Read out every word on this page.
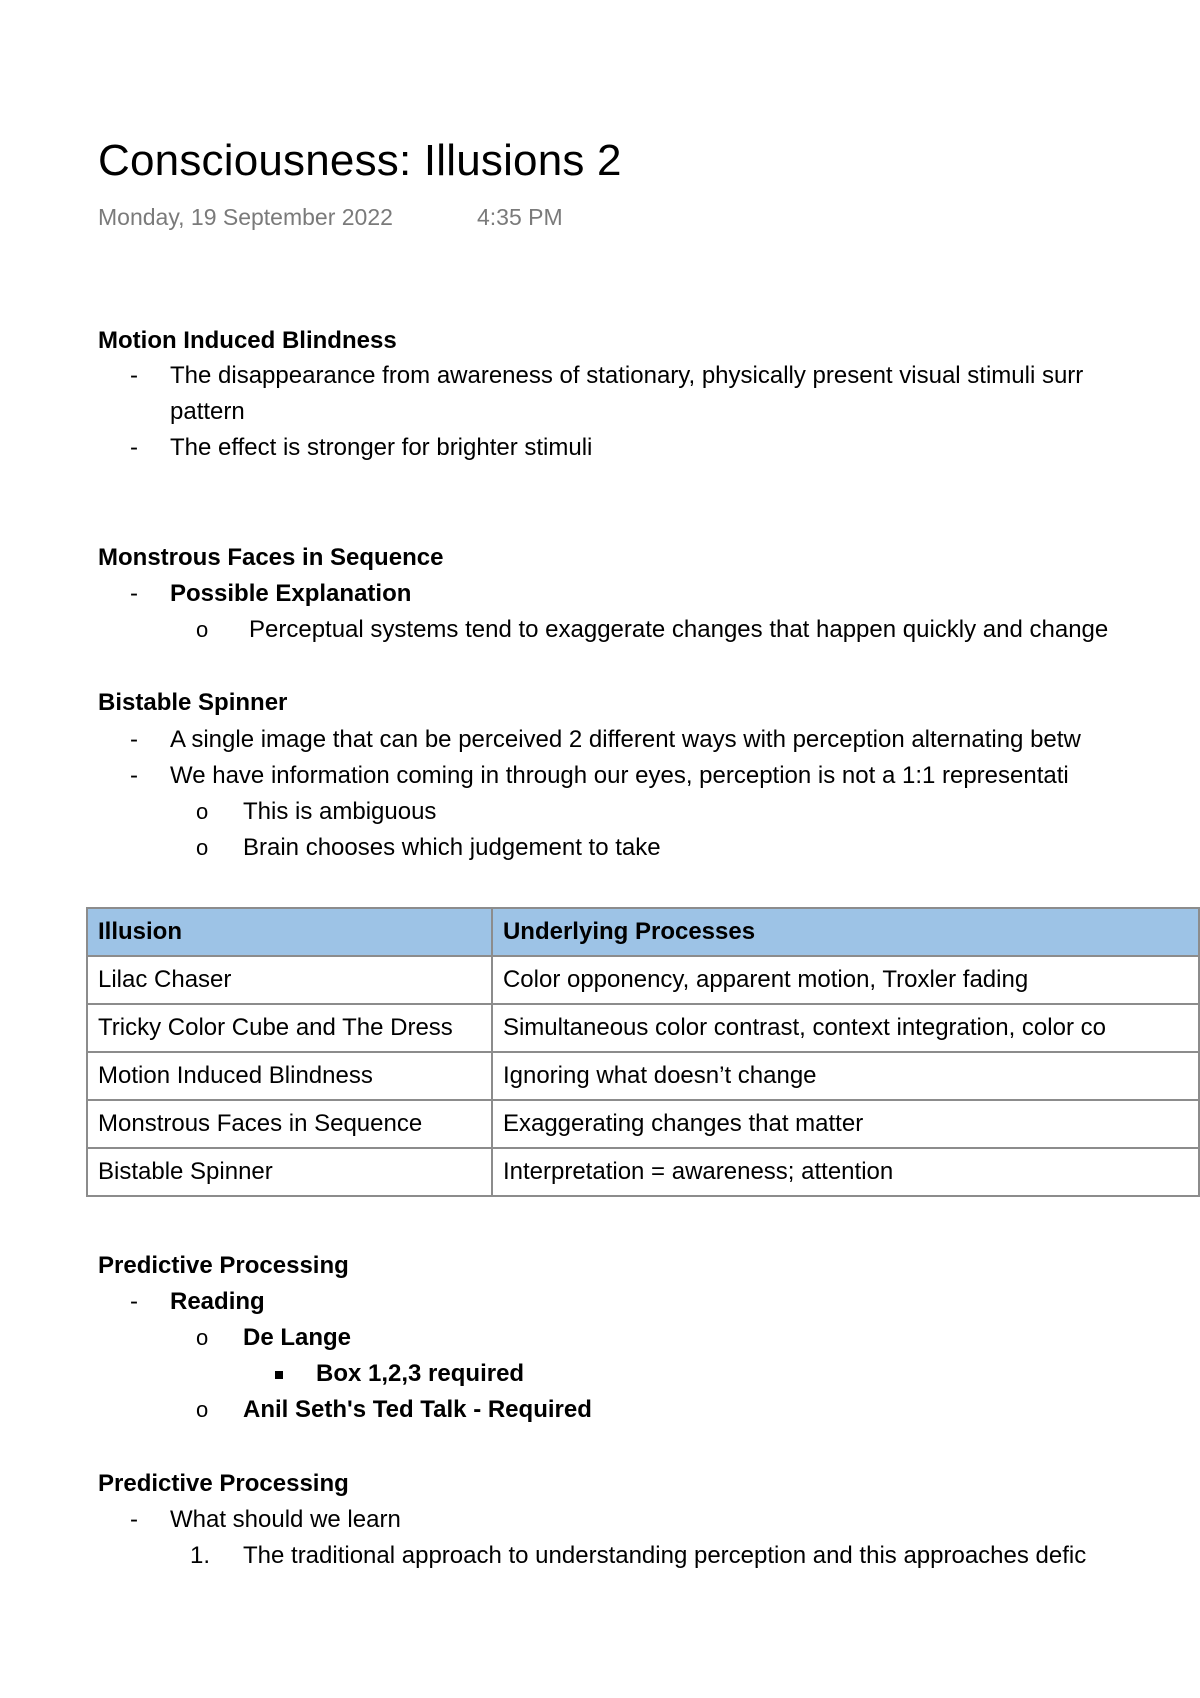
Consciousness: Illusions 2
Monday, 19 September 2022	4:35 PM
Motion Induced Blindness
- The disappearance from awareness of stationary, physically present visual stimuli surr
pattern
- The effect is stronger for brighter stimuli
Monstrous Faces in Sequence
- Possible Explanation
o Perceptual systems tend to exaggerate changes that happen quickly and change
Bistable Spinner
- A single image that can be perceived 2 different ways with perception alternating betw
- We have information coming in through our eyes, perception is not a 1:1 representati
o This is ambiguous
o Brain chooses which judgement to take
Illusion	Underlying Processes
Lilac Chaser	Color opponency, apparent motion, Troxler fading
Tricky Color Cube and The Dress	Simultaneous color contrast, context integration, color co
Motion Induced Blindness	Ignoring what doesn’t change
Monstrous Faces in Sequence	Exaggerating changes that matter
Bistable Spinner	Interpretation = awareness; attention
Predictive Processing
- Reading
o De Lange
Box 1,2,3 required
o Anil Seth's Ted Talk - Required
Predictive Processing
- What should we learn
1. The traditional approach to understanding perception and this approaches defic
